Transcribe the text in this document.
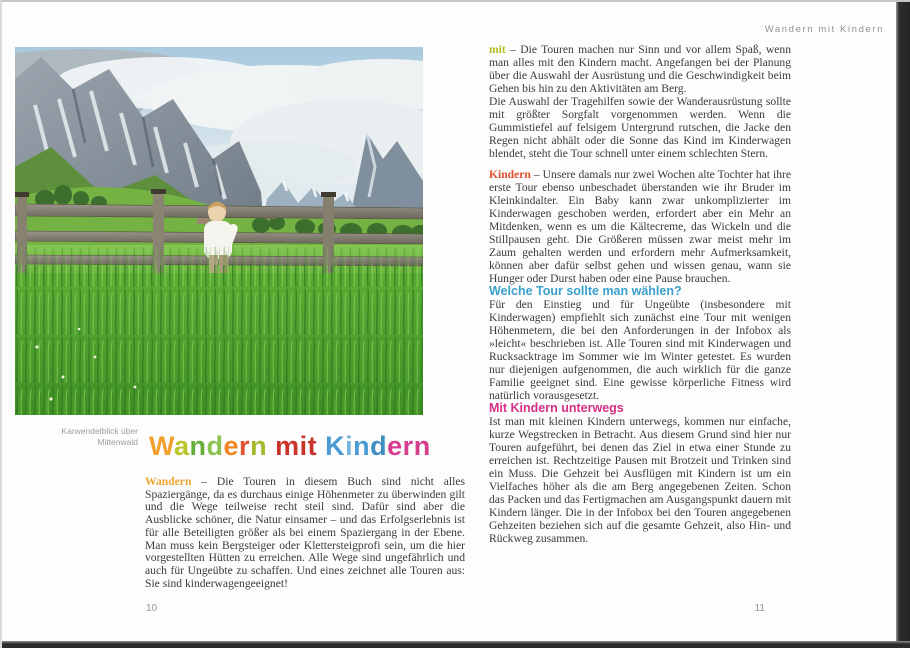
Wandern mit Kindern
Karwendelblick über
Mittenwald Wandern mit Kindern

Wandern – Die Touren in diesem Buch sind nicht alles Spaziergänge, da es durchaus einige Höhenmeter zu überwinden gilt und die Wege teilweise recht steil sind. Dafür sind aber die Ausblicke schöner, die Natur einsamer – und das Erfolgserlebnis ist für alle Beteiligten größer als bei einem Spaziergang in der Ebene. Man muss kein Bergsteiger oder Klettersteigprofi sein, um die hier vorgestellten Hütten zu erreichen. Alle Wege sind ungefährlich und auch für Ungeübte zu schaffen. Und eines zeichnet alle Touren aus: Sie sind kinderwagengeeignet!

10

mit – Die Touren machen nur Sinn und vor allem Spaß, wenn man alles mit den Kindern macht. Angefangen bei der Planung über die Auswahl der Ausrüstung und die Geschwindigkeit beim Gehen bis hin zu den Aktivitäten am Berg.

Die Auswahl der Tragehilfen sowie der Wanderausrüstung sollte mit größter Sorgfalt vorgenommen werden. Wenn die Gummistiefel auf felsigem Untergrund rutschen, die Jacke den Regen nicht abhält oder die Sonne das Kind im Kinderwagen blendet, steht die Tour schnell unter einem schlechten Stern.

Kindern – Unsere damals nur zwei Wochen alte Tochter hat ihre erste Tour ebenso unbeschadet überstanden wie ihr Bruder im Kleinkindalter. Ein Baby kann zwar unkomplizierter im Kinderwagen geschoben werden, erfordert aber ein Mehr an Mitdenken, wenn es um die Kältecreme, das Wickeln und die Stillpausen geht. Die Größeren müssen zwar meist mehr im Zaum gehalten werden und erfordern mehr Aufmerksamkeit, können aber dafür selbst gehen und wissen genau, wann sie Hunger oder Durst haben oder eine Pause brauchen.

Welche Tour sollte man wählen?

Für den Einstieg und für Ungeübte (insbesondere mit Kinderwagen) empfiehlt sich zunächst eine Tour mit wenigen Höhenmetern, die bei den Anforderungen in der Infobox als »leicht« beschrieben ist. Alle Touren sind mit Kinderwagen und Rucksacktrage im Sommer wie im Winter getestet. Es wurden nur diejenigen aufgenommen, die auch wirklich für die ganze Familie geeignet sind. Eine gewisse körperliche Fitness wird natürlich vorausgesetzt.

Mit Kindern unterwegs

Ist man mit kleinen Kindern unterwegs, kommen nur einfache, kurze Wegstrecken in Betracht. Aus diesem Grund sind hier nur Touren aufgeführt, bei denen das Ziel in etwa einer Stunde zu erreichen ist. Rechtzeitige Pausen mit Brotzeit und Trinken sind ein Muss. Die Gehzeit bei Ausflügen mit Kindern ist um ein Vielfaches höher als die am Berg angegebenen Zeiten. Schon das Packen und das Fertigmachen am Ausgangspunkt dauern mit Kindern länger. Die in der Infobox bei den Touren angegebenen Gehzeiten beziehen sich auf die gesamte Gehzeit, also Hin- und Rückweg zusammen.

11
